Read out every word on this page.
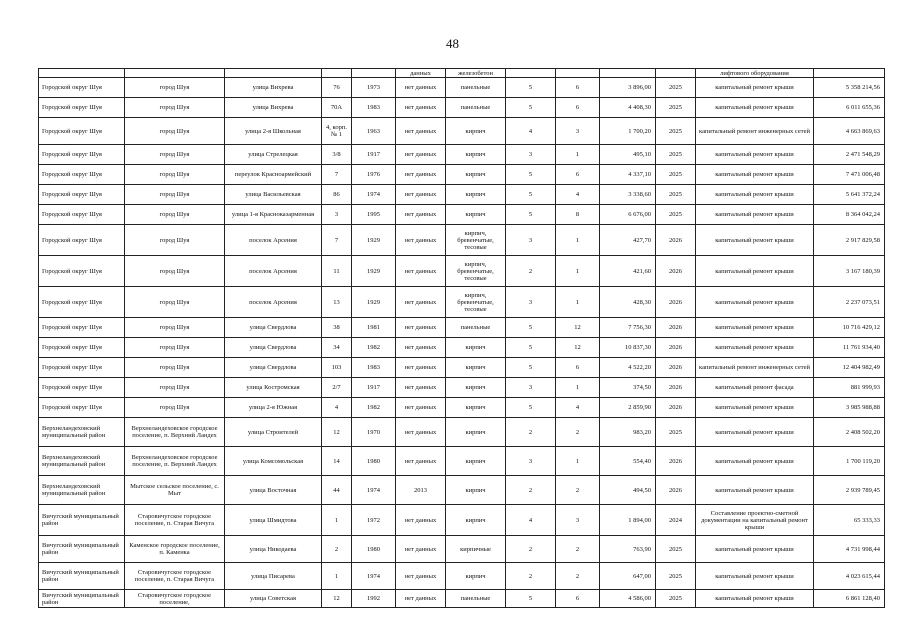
48
					данных	железобетон					лифтового оборудования	
Городской округ Шуя	город Шуя	улица Вихрева	76	1973	нет данных	панельные	5	6	3 896,00	2025	капитальный ремонт крыши	5 358 214,56
Городской округ Шуя	город Шуя	улица Вихрева	70А	1983	нет данных	панельные	5	6	4 408,30	2025	капитальный ремонт крыши	6 011 655,36
Городской округ Шуя	город Шуя	улица 2-я Школьная	4, корп. № 1	1963	нет данных	кирпич	4	3	1 700,20	2025	капитальный ремонт инженерных сетей	4 663 869,63
Городской округ Шуя	город Шуя	улица Стрелецкая	3/8	1917	нет данных	кирпич	3	1	495,10	2025	капитальный ремонт крыши	2 471 548,29
Городской округ Шуя	город Шуя	переулок Красноармейский	7	1976	нет данных	кирпич	5	6	4 337,10	2025	капитальный ремонт крыши	7 471 006,48
Городской округ Шуя	город Шуя	улица Васильевская	86	1974	нет данных	кирпич	5	4	3 338,60	2025	капитальный ремонт крыши	5 641 372,24
Городской округ Шуя	город Шуя	улица 1-я Красноказарменная	3	1995	нет данных	кирпич	5	8	6 676,00	2025	капитальный ремонт крыши	8 364 042,24
Городской округ Шуя	город Шуя	поселок Арсения	7	1929	нет данных	кирпич, бревенчатые, тесовые	3	1	427,70	2026	капитальный ремонт крыши	2 917 829,58
Городской округ Шуя	город Шуя	поселок Арсения	11	1929	нет данных	кирпич, бревенчатые, тесовые	2	1	421,60	2026	капитальный ремонт крыши	3 167 180,39
Городской округ Шуя	город Шуя	поселок Арсения	13	1929	нет данных	кирпич, бревенчатые, тесовые	3	1	428,30	2026	капитальный ремонт крыши	2 237 073,51
Городской округ Шуя	город Шуя	улица Свердлова	38	1981	нет данных	панельные	5	12	7 756,30	2026	капитальный ремонт крыши	10 716 429,12
Городской округ Шуя	город Шуя	улица Свердлова	34	1982	нет данных	кирпич	5	12	10 837,30	2026	капитальный ремонт крыши	11 761 934,40
Городской округ Шуя	город Шуя	улица Свердлова	103	1983	нет данных	кирпич	5	6	4 522,20	2026	капитальный ремонт инженерных сетей	12 404 982,49
Городской округ Шуя	город Шуя	улица Костромская	2/7	1917	нет данных	кирпич	3	1	374,50	2026	капитальный ремонт фасада	881 999,93
Городской округ Шуя	город Шуя	улица 2-я Южная	4	1982	нет данных	кирпич	5	4	2 859,90	2026	капитальный ремонт крыши	3 985 988,88
Верхнеландеховский муниципальный район	Верхнеландеховское городское поселение, п. Верхний Ландех	улица Строителей	12	1970	нет данных	кирпич	2	2	983,20	2025	капитальный ремонт крыши	2 408 502,20
Верхнеландеховский муниципальный район	Верхнеландеховское городское поселение, п. Верхний Ландех	улица Комсомольская	14	1980	нет данных	кирпич	3	1	554,40	2026	капитальный ремонт крыши	1 700 119,20
Верхнеландеховский муниципальный район	Мытское сельское поселение, с. Мыт	улица Восточная	44	1974	2013	кирпич	2	2	494,50	2026	капитальный ремонт крыши	2 939 789,45
Вичугский муниципальный район	Старовичугское городское поселение, п. Старая Вичуга	улица Шмидтова	1	1972	нет данных	кирпич	4	3	1 894,00	2024	Составление проектно-сметной документации на капитальный ремонт крыши	65 333,33
Вичугский муниципальный район	Каменское городское поселение, п. Каменка	улица Никодаева	2	1980	нет данных	кирпичные	2	2	763,90	2025	капитальный ремонт крыши	4 731 998,44
Вичугский муниципальный район	Старовичугское городское поселение, п. Старая Вичуга	улица Писарева	1	1974	нет данных	кирпич	2	2	647,00	2025	капитальный ремонт крыши	4 023 615,44
Вичугский муниципальный район	Старовичугское городское поселение,	улица Советская	12	1992	нет данных	панельные	5	6	4 586,00	2025	капитальный ремонт крыши	6 861 128,40
